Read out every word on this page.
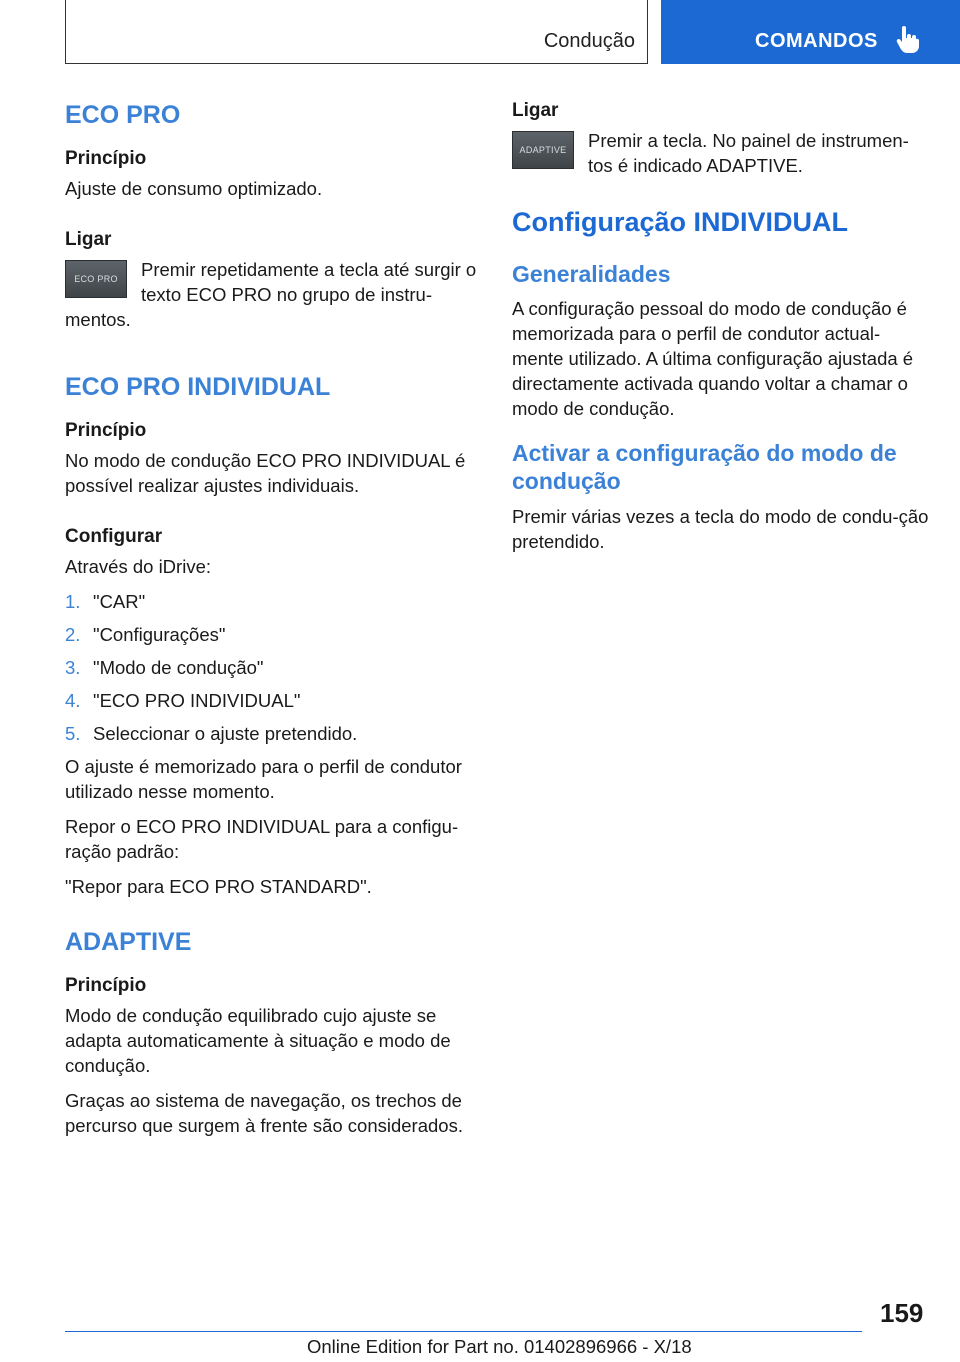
Condução	COMANDOS
ECO PRO
Princípio

Ajuste de consumo optimizado.

Ligar
ECO PRO	Premir repetidamente a tecla até surgir o texto ECO PRO no grupo de instru-mentos.

ECO PRO INDIVIDUAL
Princípio

No modo de condução ECO PRO INDIVIDUAL é possível realizar ajustes individuais.

Configurar

Através do iDrive:

1. "CAR"
2. "Configurações"
3. "Modo de condução"
4. "ECO PRO INDIVIDUAL"
5. Seleccionar o ajuste pretendido.

O ajuste é memorizado para o perfil de condutor utilizado nesse momento.

Repor o ECO PRO INDIVIDUAL para a configu-ração padrão:

"Repor para ECO PRO STANDARD".

ADAPTIVE
Princípio

Modo de condução equilibrado cujo ajuste se adapta automaticamente à situação e modo de condução.

Graças ao sistema de navegação, os trechos de percurso que surgem à frente são considerados.

Ligar
ADAPTIVE	Premir a tecla. No painel de instrumen-tos é indicado ADAPTIVE.

Configuração INDIVIDUAL
Generalidades

A configuração pessoal do modo de condução é memorizada para o perfil de condutor actual-mente utilizado. A última configuração ajustada é directamente activada quando voltar a chamar o modo de condução.

Activar a configuração do modo de condução

Premir várias vezes a tecla do modo de condu-ção pretendido.

159
Online Edition for Part no. 01402896966 - X/18
